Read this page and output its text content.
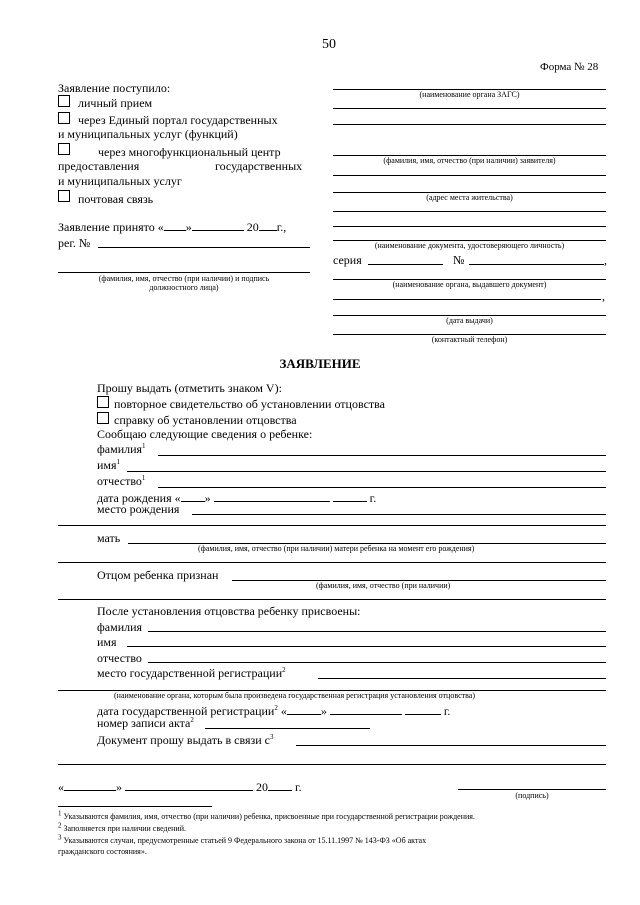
50
Форма № 28
Заявление поступило:
личный прием
через Единый портал государственных
и муниципальных услуг (функций)
через многофункциональный центр
предоставления	государственных
и муниципальных услуг
почтовая связь
Заявление принято « »	20 г.,
рег. №
(фамилия, имя, отчество (при наличии) и подпись
должностного лица)
(наименование органа ЗАГС)
(фамилия, имя, отчество (при наличии) заявителя)
(адрес места жительства)
(наименование документа, удостоверяющего личность)
серия	№	,
(наименование органа, выдавшего документ)
,
(дата выдачи)
(контактный телефон)
ЗАЯВЛЕНИЕ
Прошу выдать (отметить знаком V):
повторное свидетельство об установлении отцовства
справку об установлении отцовства
Сообщаю следующие сведения о ребенке:
фамилия$^1$
имя$^1$
отчество$^1$
дата рождения « »	г.
место рождения
мать
(фамилия, имя, отчество (при наличии) матери ребенка на момент его рождения)
Отцом ребенка признан
(фамилия, имя, отчество (при наличии)
После установления отцовства ребенку присвоены:
фамилия
имя
отчество
место государственной регистрации$^2$
(наименование органа, которым была произведена государственная регистрация установления отцовства)
дата государственной регистрации$^2$ «	»	г.
номер записи акта$^2$
Документ прошу выдать в связи $с^3$
«	»	20 г.
(подпись)
$^1$ Указываются фамилия, имя, отчество (при наличии) ребенка, присвоенные при государственной регистрации рождения.
$^2$ Заполняется при наличии сведений.
$^3$ Указываются случаи, предусмотренные статьей 9 Федерального закона от 15.11.1997 № 143-ФЗ «Об актах
гражданского состояния».
